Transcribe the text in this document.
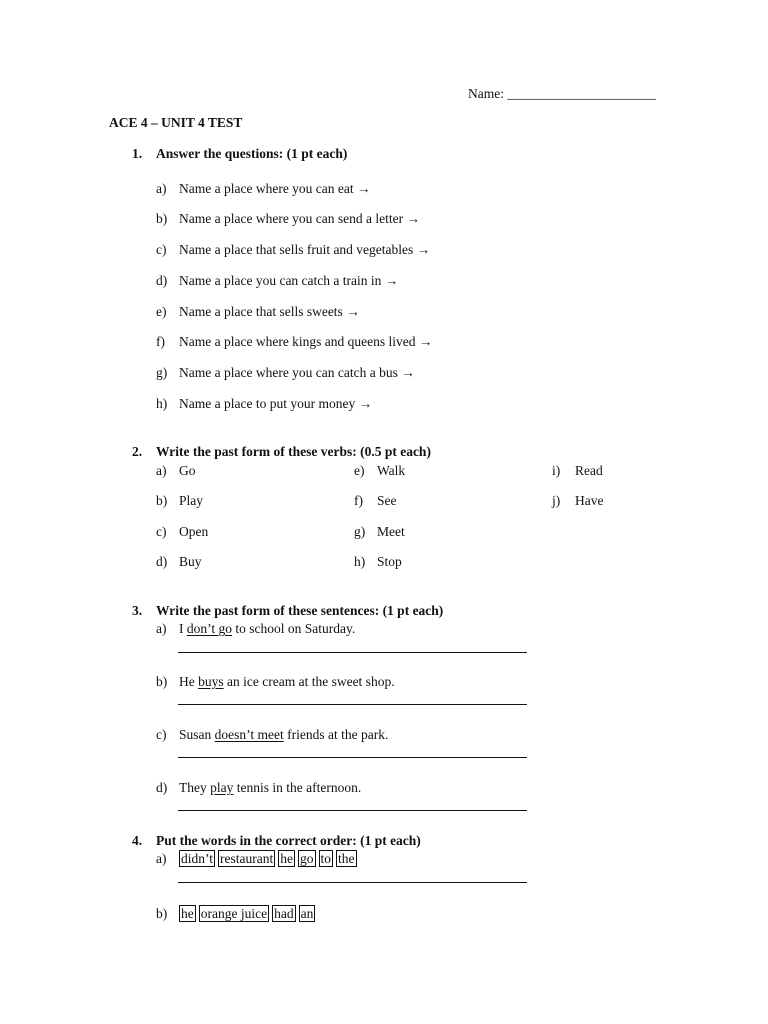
Name: ______________________
ACE 4 – UNIT 4 TEST
1. Answer the questions: (1 pt each)
a) Name a place where you can eat →
b) Name a place where you can send a letter →
c) Name a place that sells fruit and vegetables →
d) Name a place you can catch a train in →
e) Name a place that sells sweets →
f) Name a place where kings and queens lived →
g) Name a place where you can catch a bus →
h) Name a place to put your money →
2. Write the past form of these verbs: (0.5 pt each)
a) Go
b) Play
c) Open
d) Buy
e) Walk
f) See
g) Meet
h) Stop
i) Read
j) Have
3. Write the past form of these sentences: (1 pt each)
a) I don’t go to school on Saturday.
b) He buys an ice cream at the sweet shop.
c) Susan doesn’t meet friends at the park.
d) They play tennis in the afternoon.
4. Put the words in the correct order: (1 pt each)
a) didn’t restaurant he go to the
b) he orange juice had an
